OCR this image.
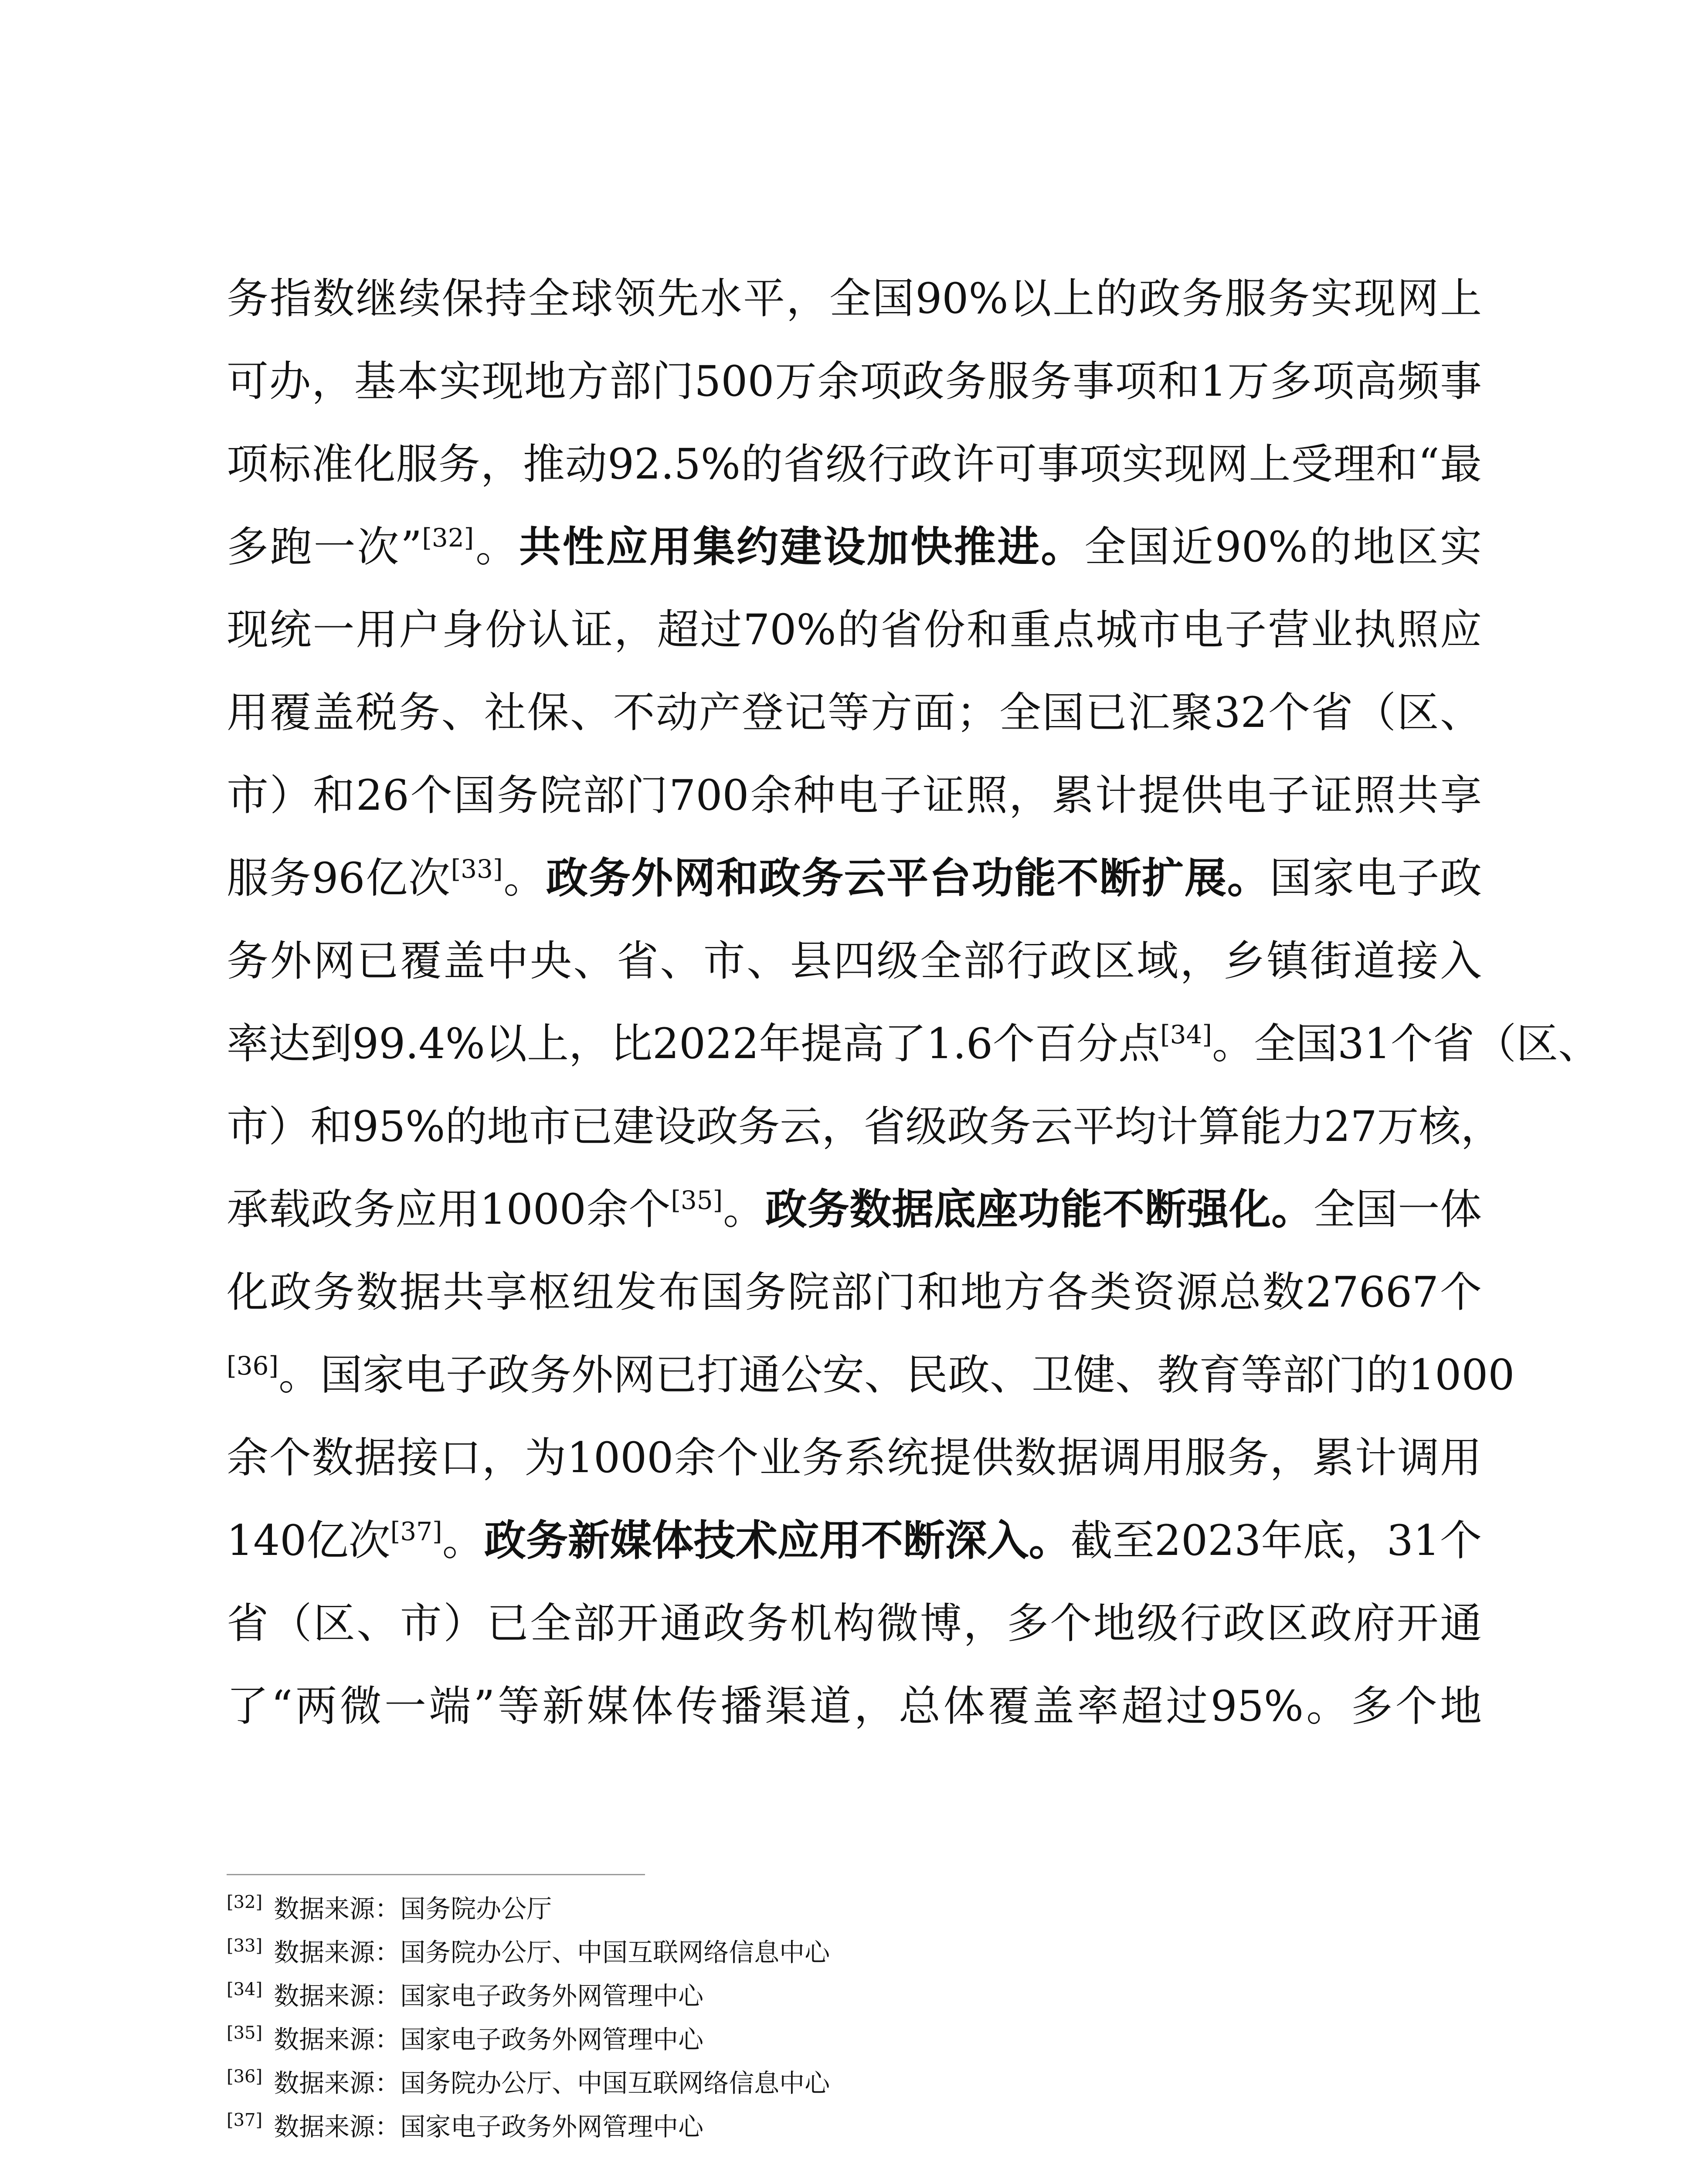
务指数继续保持全球领先水平，全国90%以上的政务服务实现网上
可办，基本实现地方部门500万余项政务服务事项和1万多项高频事
项标准化服务，推动92.5%的省级行政许可事项实现网上受理和“最
多跑一次”[32]。共性应用集约建设加快推进。全国近90%的地区实
现统一用户身份认证，超过70%的省份和重点城市电子营业执照应
用覆盖税务、社保、不动产登记等方面；全国已汇聚32个省（区、
市）和26个国务院部门700余种电子证照，累计提供电子证照共享
服务96亿次[33]。政务外网和政务云平台功能不断扩展。国家电子政
务外网已覆盖中央、省、市、县四级全部行政区域，乡镇街道接入
率达到99.4%以上，比2022年提高了1.6个百分点[34]。全国31个省（区、
市）和95%的地市已建设政务云，省级政务云平均计算能力27万核，
承载政务应用1000余个[35]。政务数据底座功能不断强化。全国一体
化政务数据共享枢纽发布国务院部门和地方各类资源总数27667个
[36]。国家电子政务外网已打通公安、民政、卫健、教育等部门的1000
余个数据接口，为1000余个业务系统提供数据调用服务，累计调用
140亿次[37]。政务新媒体技术应用不断深入。截至2023年底，31个
省（区、市）已全部开通政务机构微博，多个地级行政区政府开通
了“两微一端”等新媒体传播渠道，总体覆盖率超过95%。多个地
[32] 数据来源：国务院办公厅
[33] 数据来源：国务院办公厅、中国互联网络信息中心
[34] 数据来源：国家电子政务外网管理中心
[35] 数据来源：国家电子政务外网管理中心
[36] 数据来源：国务院办公厅、中国互联网络信息中心
[37] 数据来源：国家电子政务外网管理中心
